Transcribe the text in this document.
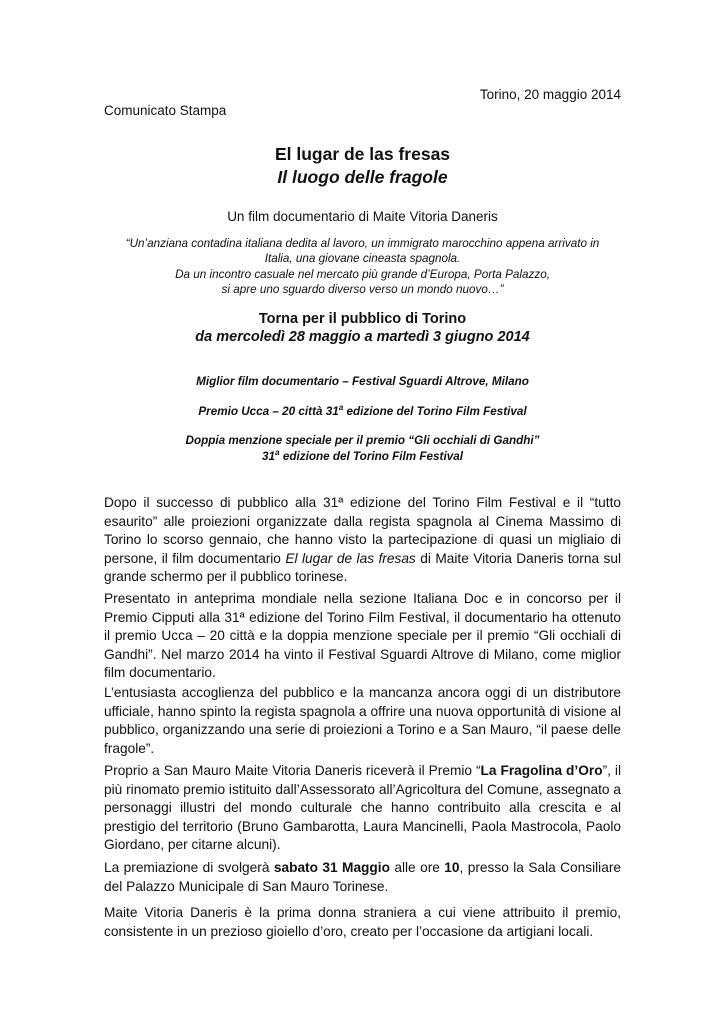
Torino, 20 maggio 2014
Comunicato Stampa
El lugar de las fresas
Il luogo delle fragole
Un film documentario di Maite Vitoria Daneris
“Un’anziana contadina italiana dedita al lavoro, un immigrato marocchino appena arrivato in
Italia, una giovane cineasta spagnola.
Da un incontro casuale nel mercato più grande d’Europa, Porta Palazzo,
si apre uno sguardo diverso verso un mondo nuovo…”
Torna per il pubblico di Torino
da mercoledì 28 maggio a martedì 3 giugno 2014
Miglior film documentario – Festival Sguardi Altrove, Milano
Premio Ucca – 20 città 31$^a$ edizione del Torino Film Festival
Doppia menzione speciale per il premio “Gli occhiali di Gandhi”
31$^a$ edizione del Torino Film Festival
Dopo il successo di pubblico alla 31ª edizione del Torino Film Festival e il “tutto esaurito” alle proiezioni organizzate dalla regista spagnola al Cinema Massimo di Torino lo scorso gennaio, che hanno visto la partecipazione di quasi un migliaio di persone, il film documentario El lugar de las fresas di Maite Vitoria Daneris torna sul grande schermo per il pubblico torinese.
Presentato in anteprima mondiale nella sezione Italiana Doc e in concorso per il Premio Cipputi alla 31ª edizione del Torino Film Festival, il documentario ha ottenuto il premio Ucca – 20 città e la doppia menzione speciale per il premio “Gli occhiali di Gandhi”. Nel marzo 2014 ha vinto il Festival Sguardi Altrove di Milano, come miglior film documentario.
L’entusiasta accoglienza del pubblico e la mancanza ancora oggi di un distributore ufficiale, hanno spinto la regista spagnola a offrire una nuova opportunità di visione al pubblico, organizzando una serie di proiezioni a Torino e a San Mauro, “il paese delle fragole”.
Proprio a San Mauro Maite Vitoria Daneris riceverà il Premio “La Fragolina d’Oro”, il più rinomato premio istituito dall’Assessorato all’Agricoltura del Comune, assegnato a personaggi illustri del mondo culturale che hanno contribuito alla crescita e al prestigio del territorio (Bruno Gambarotta, Laura Mancinelli, Paola Mastrocola, Paolo Giordano, per citarne alcuni).
La premiazione di svolgerà sabato 31 Maggio alle ore 10, presso la Sala Consiliare del Palazzo Municipale di San Mauro Torinese.
Maite Vitoria Daneris è la prima donna straniera a cui viene attribuito il premio, consistente in un prezioso gioiello d’oro, creato per l’occasione da artigiani locali.
